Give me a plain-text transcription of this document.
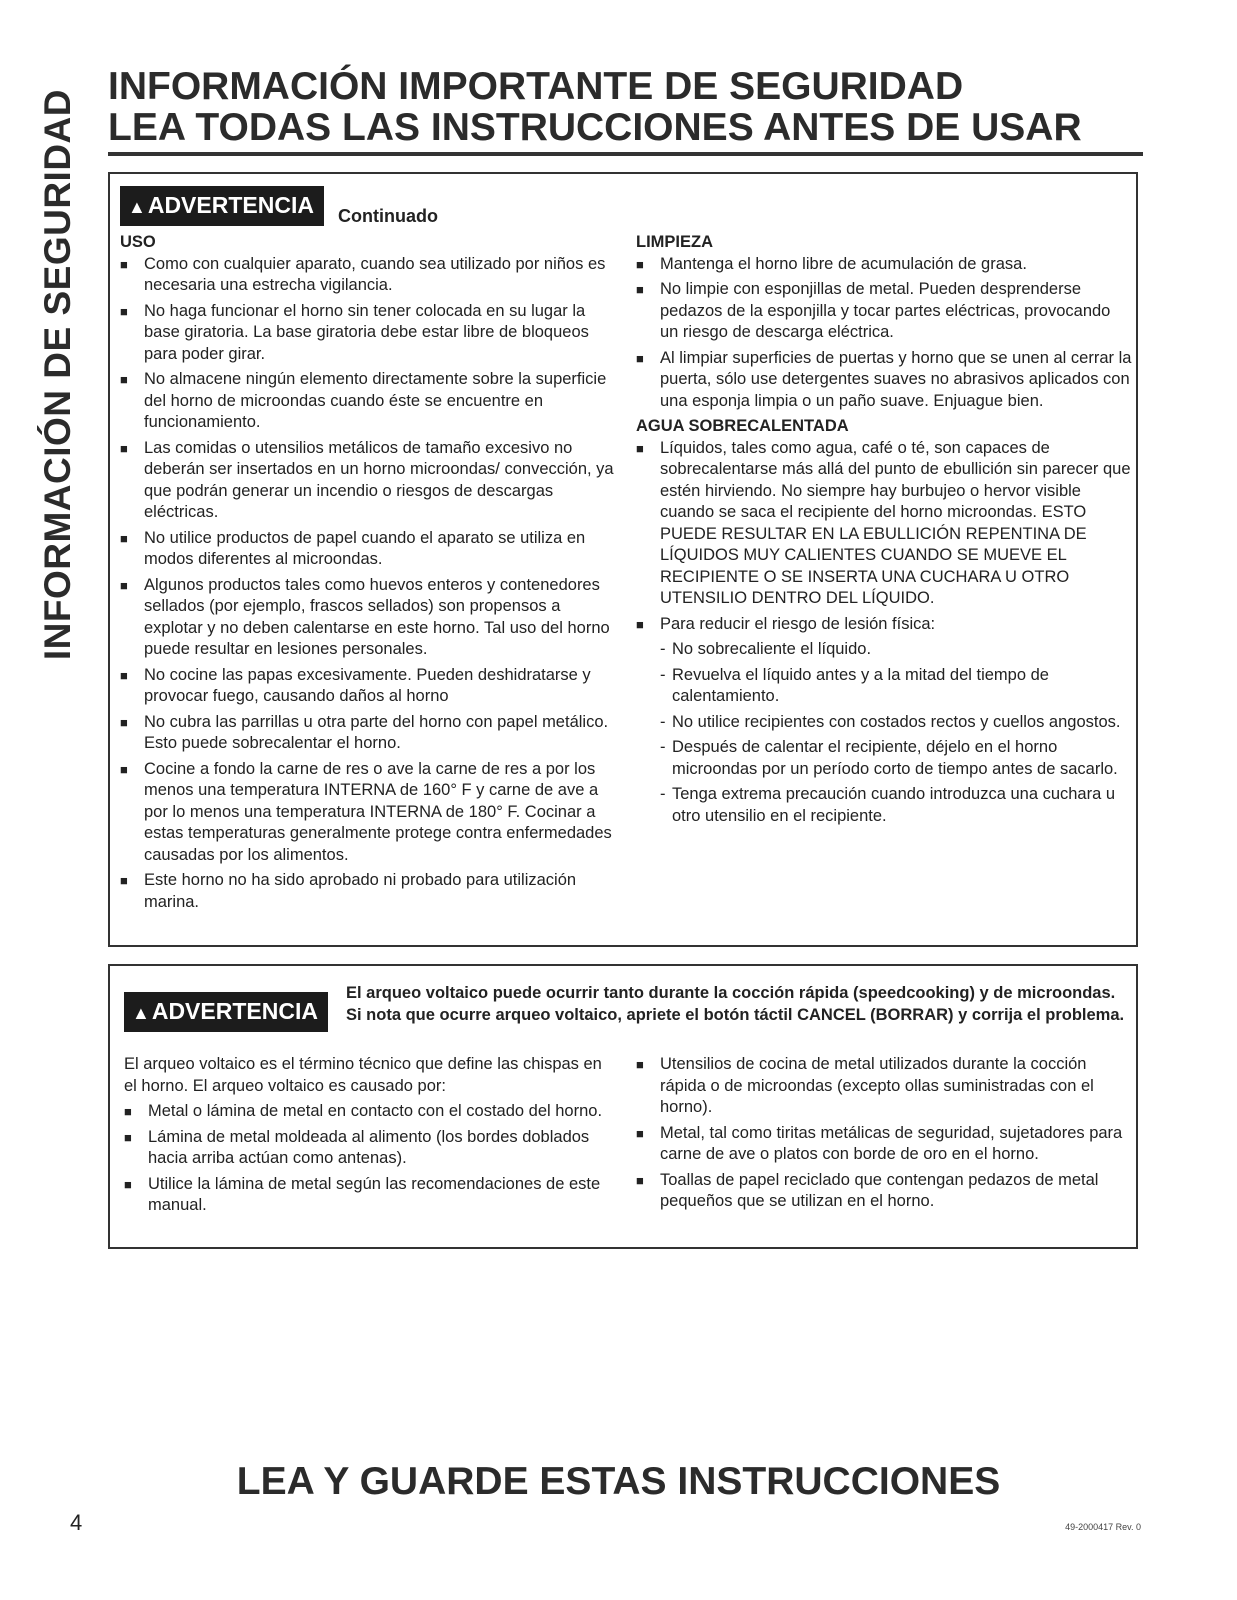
INFORMACIÓN DE SEGURIDAD
INFORMACIÓN IMPORTANTE DE SEGURIDAD
LEA TODAS LAS INSTRUCCIONES ANTES DE USAR
▲ADVERTENCIA	Continuado

USO

■ Como con cualquier aparato, cuando sea utilizado por niños es necesaria una estrecha vigilancia.
■ No haga funcionar el horno sin tener colocada en su lugar la base giratoria. La base giratoria debe estar libre de bloqueos para poder girar.
■ No almacene ningún elemento directamente sobre la superficie del horno de microondas cuando éste se encuentre en funcionamiento.
■ Las comidas o utensilios metálicos de tamaño excesivo no deberán ser insertados en un horno microondas/ convección, ya que podrán generar un incendio o riesgos de descargas eléctricas.
■ No utilice productos de papel cuando el aparato se utiliza en modos diferentes al microondas.
■ Algunos productos tales como huevos enteros y contenedores sellados (por ejemplo, frascos sellados) son propensos a explotar y no deben calentarse en este horno. Tal uso del horno puede resultar en lesiones personales.
■ No cocine las papas excesivamente. Pueden deshidratarse y provocar fuego, causando daños al horno
■ No cubra las parrillas u otra parte del horno con papel metálico. Esto puede sobrecalentar el horno.
■ Cocine a fondo la carne de res o ave la carne de res a por los menos una temperatura INTERNA de 160° F y carne de ave a por lo menos una temperatura INTERNA de 180° F. Cocinar a estas temperaturas generalmente protege contra enfermedades causadas por los alimentos.
■ Este horno no ha sido aprobado ni probado para utilización marina.

LIMPIEZA

■ Mantenga el horno libre de acumulación de grasa.
■ No limpie con esponjillas de metal. Pueden desprenderse pedazos de la esponjilla y tocar partes eléctricas, provocando un riesgo de descarga eléctrica.
■ Al limpiar superficies de puertas y horno que se unen al cerrar la puerta, sólo use detergentes suaves no abrasivos aplicados con una esponja limpia o un paño suave. Enjuague bien.

AGUA SOBRECALENTADA

■ Líquidos, tales como agua, café o té, son capaces de sobrecalentarse más allá del punto de ebullición sin parecer que estén hirviendo. No siempre hay burbujeo o hervor visible cuando se saca el recipiente del horno microondas. ESTO PUEDE RESULTAR EN LA EBULLICIÓN REPENTINA DE LÍQUIDOS MUY CALIENTES CUANDO SE MUEVE EL RECIPIENTE O SE INSERTA UNA CUCHARA U OTRO UTENSILIO DENTRO DEL LÍQUIDO.
■ Para reducir el riesgo de lesión física:
- No sobrecaliente el líquido.
- Revuelva el líquido antes y a la mitad del tiempo de calentamiento.
- No utilice recipientes con costados rectos y cuellos angostos.
- Después de calentar el recipiente, déjelo en el horno microondas por un período corto de tiempo antes de sacarlo.
- Tenga extrema precaución cuando introduzca una cuchara u otro utensilio en el recipiente.
▲ADVERTENCIA
El arqueo voltaico puede ocurrir tanto durante la cocción rápida (speedcooking) y de microondas. Si nota que ocurre arqueo voltaico, apriete el botón táctil CANCEL (BORRAR) y corrija el problema.

El arqueo voltaico es el término técnico que define las chispas en el horno. El arqueo voltaico es causado por:

■ Metal o lámina de metal en contacto con el costado del horno.
■ Lámina de metal moldeada al alimento (los bordes doblados hacia arriba actúan como antenas).
■ Utilice la lámina de metal según las recomendaciones de este manual.
■ Utensilios de cocina de metal utilizados durante la cocción rápida o de microondas (excepto ollas suministradas con el horno).
■ Metal, tal como tiritas metálicas de seguridad, sujetadores para carne de ave o platos con borde de oro en el horno.
■ Toallas de papel reciclado que contengan pedazos de metal pequeños que se utilizan en el horno.
LEA Y GUARDE ESTAS INSTRUCCIONES
4	49-2000417 Rev. 0
